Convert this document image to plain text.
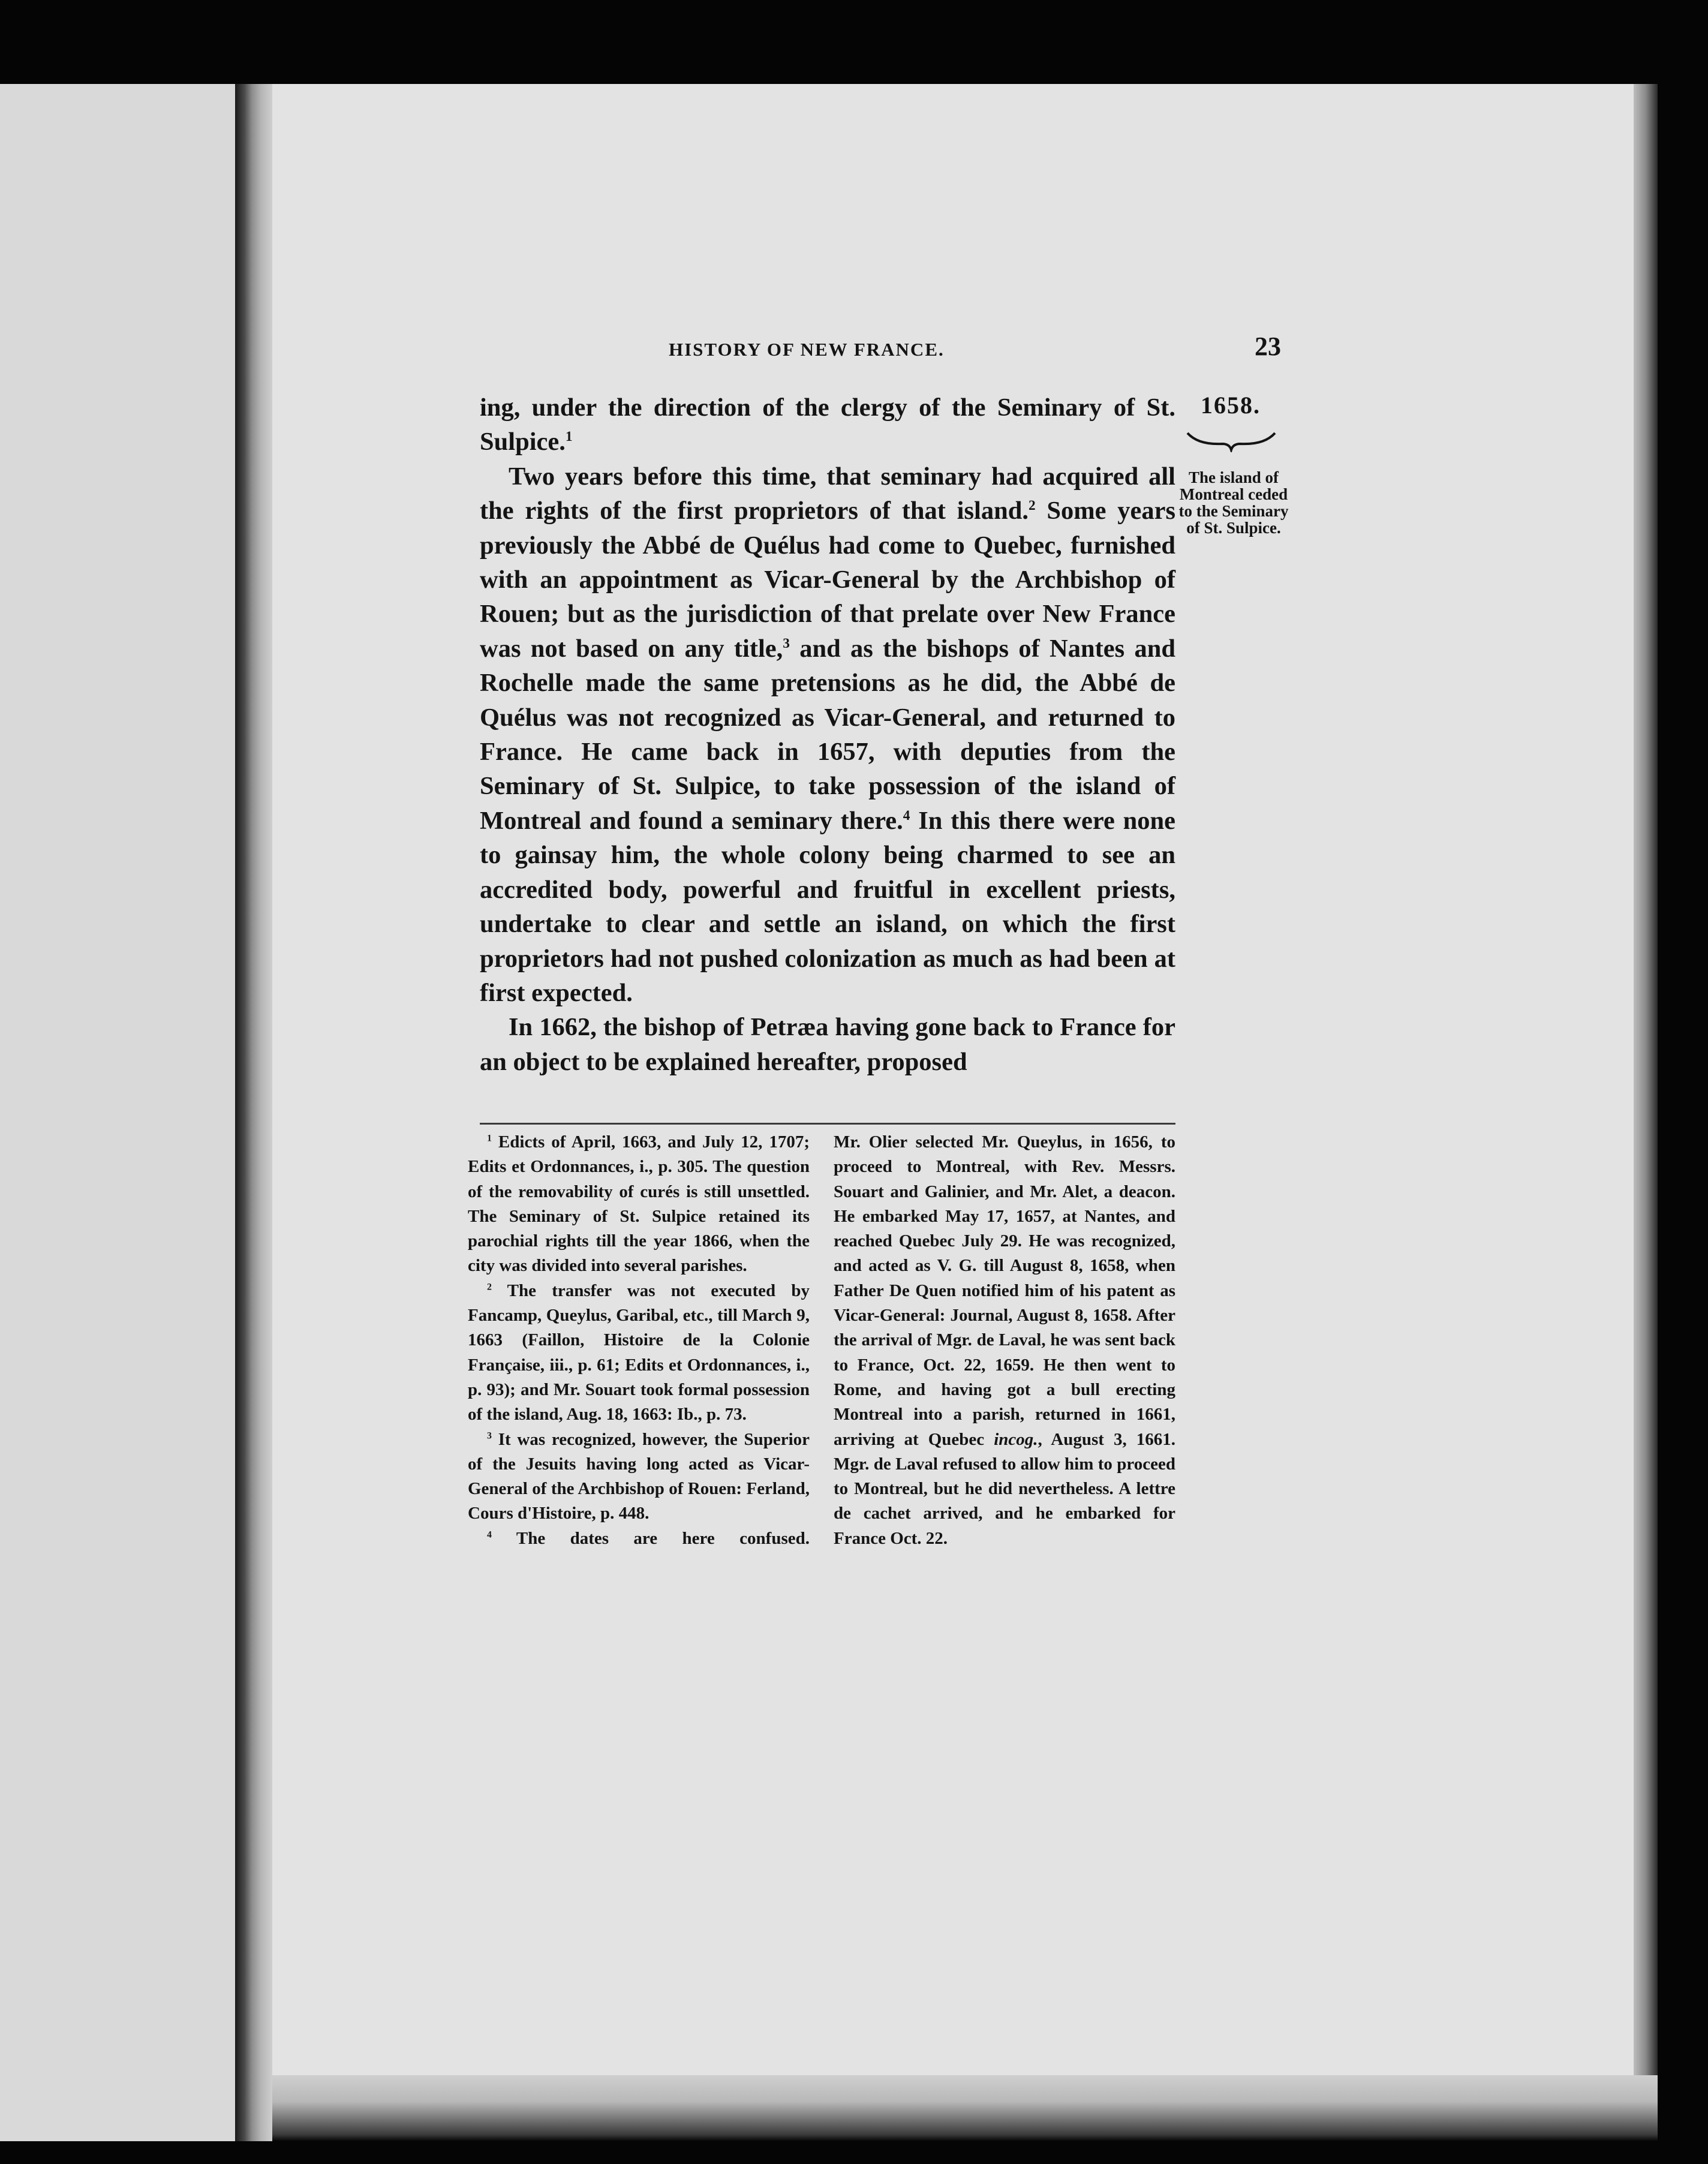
HISTORY OF NEW FRANCE.	23
1658.
The island of Montreal ceded to the Seminary of St. Sulpice.

ing, under the direction of the clergy of the Seminary of St. Sulpice.$^1$

Two years before this time, that seminary had acquired all the rights of the first proprietors of that island.$^2$ Some years previously the Abbé de Quélus had come to Quebec, furnished with an appointment as Vicar-General by the Archbishop of Rouen; but as the jurisdiction of that prelate over New France was not based on any title,$^3$ and as the bishops of Nantes and Rochelle made the same pretensions as he did, the Abbé de Quélus was not recognized as Vicar-General, and returned to France. He came back in 1657, with deputies from the Seminary of St. Sulpice, to take possession of the island of Montreal and found a seminary there.$^4$ In this there were none to gainsay him, the whole colony being charmed to see an accredited body, powerful and fruitful in excellent priests, undertake to clear and settle an island, on which the first proprietors had not pushed colonization as much as had been at first expected.

In 1662, the bishop of Petræa having gone back to France for an object to be explained hereafter, proposed

$^1$ Edicts of April, 1663, and July 12, 1707; Edits et Ordonnances, i., p. 305. The question of the removability of curés is still unsettled. The Seminary of St. Sulpice retained its parochial rights till the year 1866, when the city was divided into several parishes.

$^2$ The transfer was not executed by Fancamp, Queylus, Garibal, etc., till March 9, 1663 (Faillon, Histoire de la Colonie Française, iii., p. 61; Edits et Ordonnances, i., p. 93); and Mr. Souart took formal possession of the island, Aug. 18, 1663: Ib., p. 73.

$^3$ It was recognized, however, the Superior of the Jesuits having long acted as Vicar-General of the Archbishop of Rouen: Ferland, Cours d'Histoire, p. 448.

$^4$ The dates are here confused.

Mr. Olier selected Mr. Queylus, in 1656, to proceed to Montreal, with Rev. Messrs. Souart and Galinier, and Mr. Alet, a deacon. He embarked May 17, 1657, at Nantes, and reached Quebec July 29. He was recognized, and acted as V. G. till August 8, 1658, when Father De Quen notified him of his patent as Vicar-General: Journal, August 8, 1658. After the arrival of Mgr. de Laval, he was sent back to France, Oct. 22, 1659. He then went to Rome, and having got a bull erecting Montreal into a parish, returned in 1661, arriving at Quebec incog., August 3, 1661. Mgr. de Laval refused to allow him to proceed to Montreal, but he did nevertheless. A lettre de cachet arrived, and he embarked for France Oct. 22.
